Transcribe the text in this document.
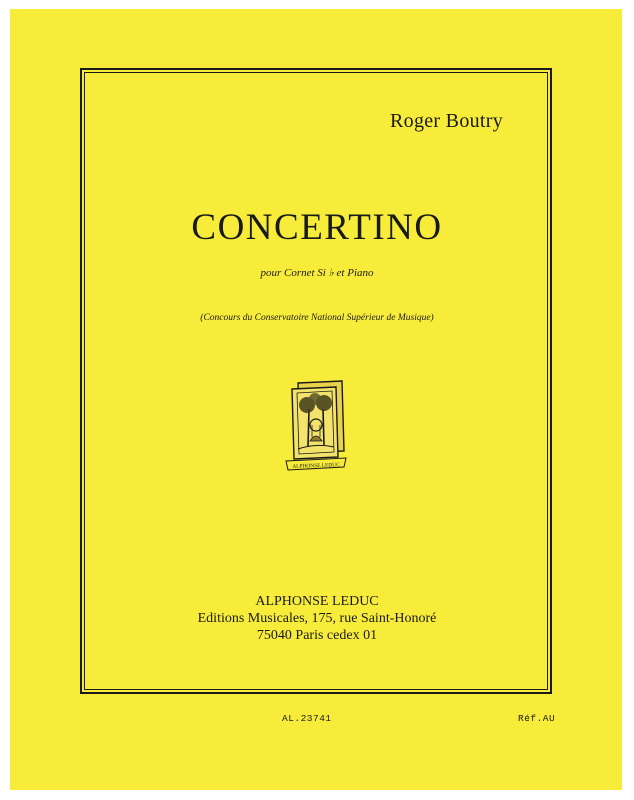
Roger Boutry
CONCERTINO
pour Cornet Si ♭ et Piano
(Concours du Conservatoire National Supérieur de Musique)
ALPHONSE LEDUC
ALPHONSE LEDUC
Editions Musicales, 175, rue Saint-Honoré
75040 Paris cedex 01
AL.23741	Réf.AU
